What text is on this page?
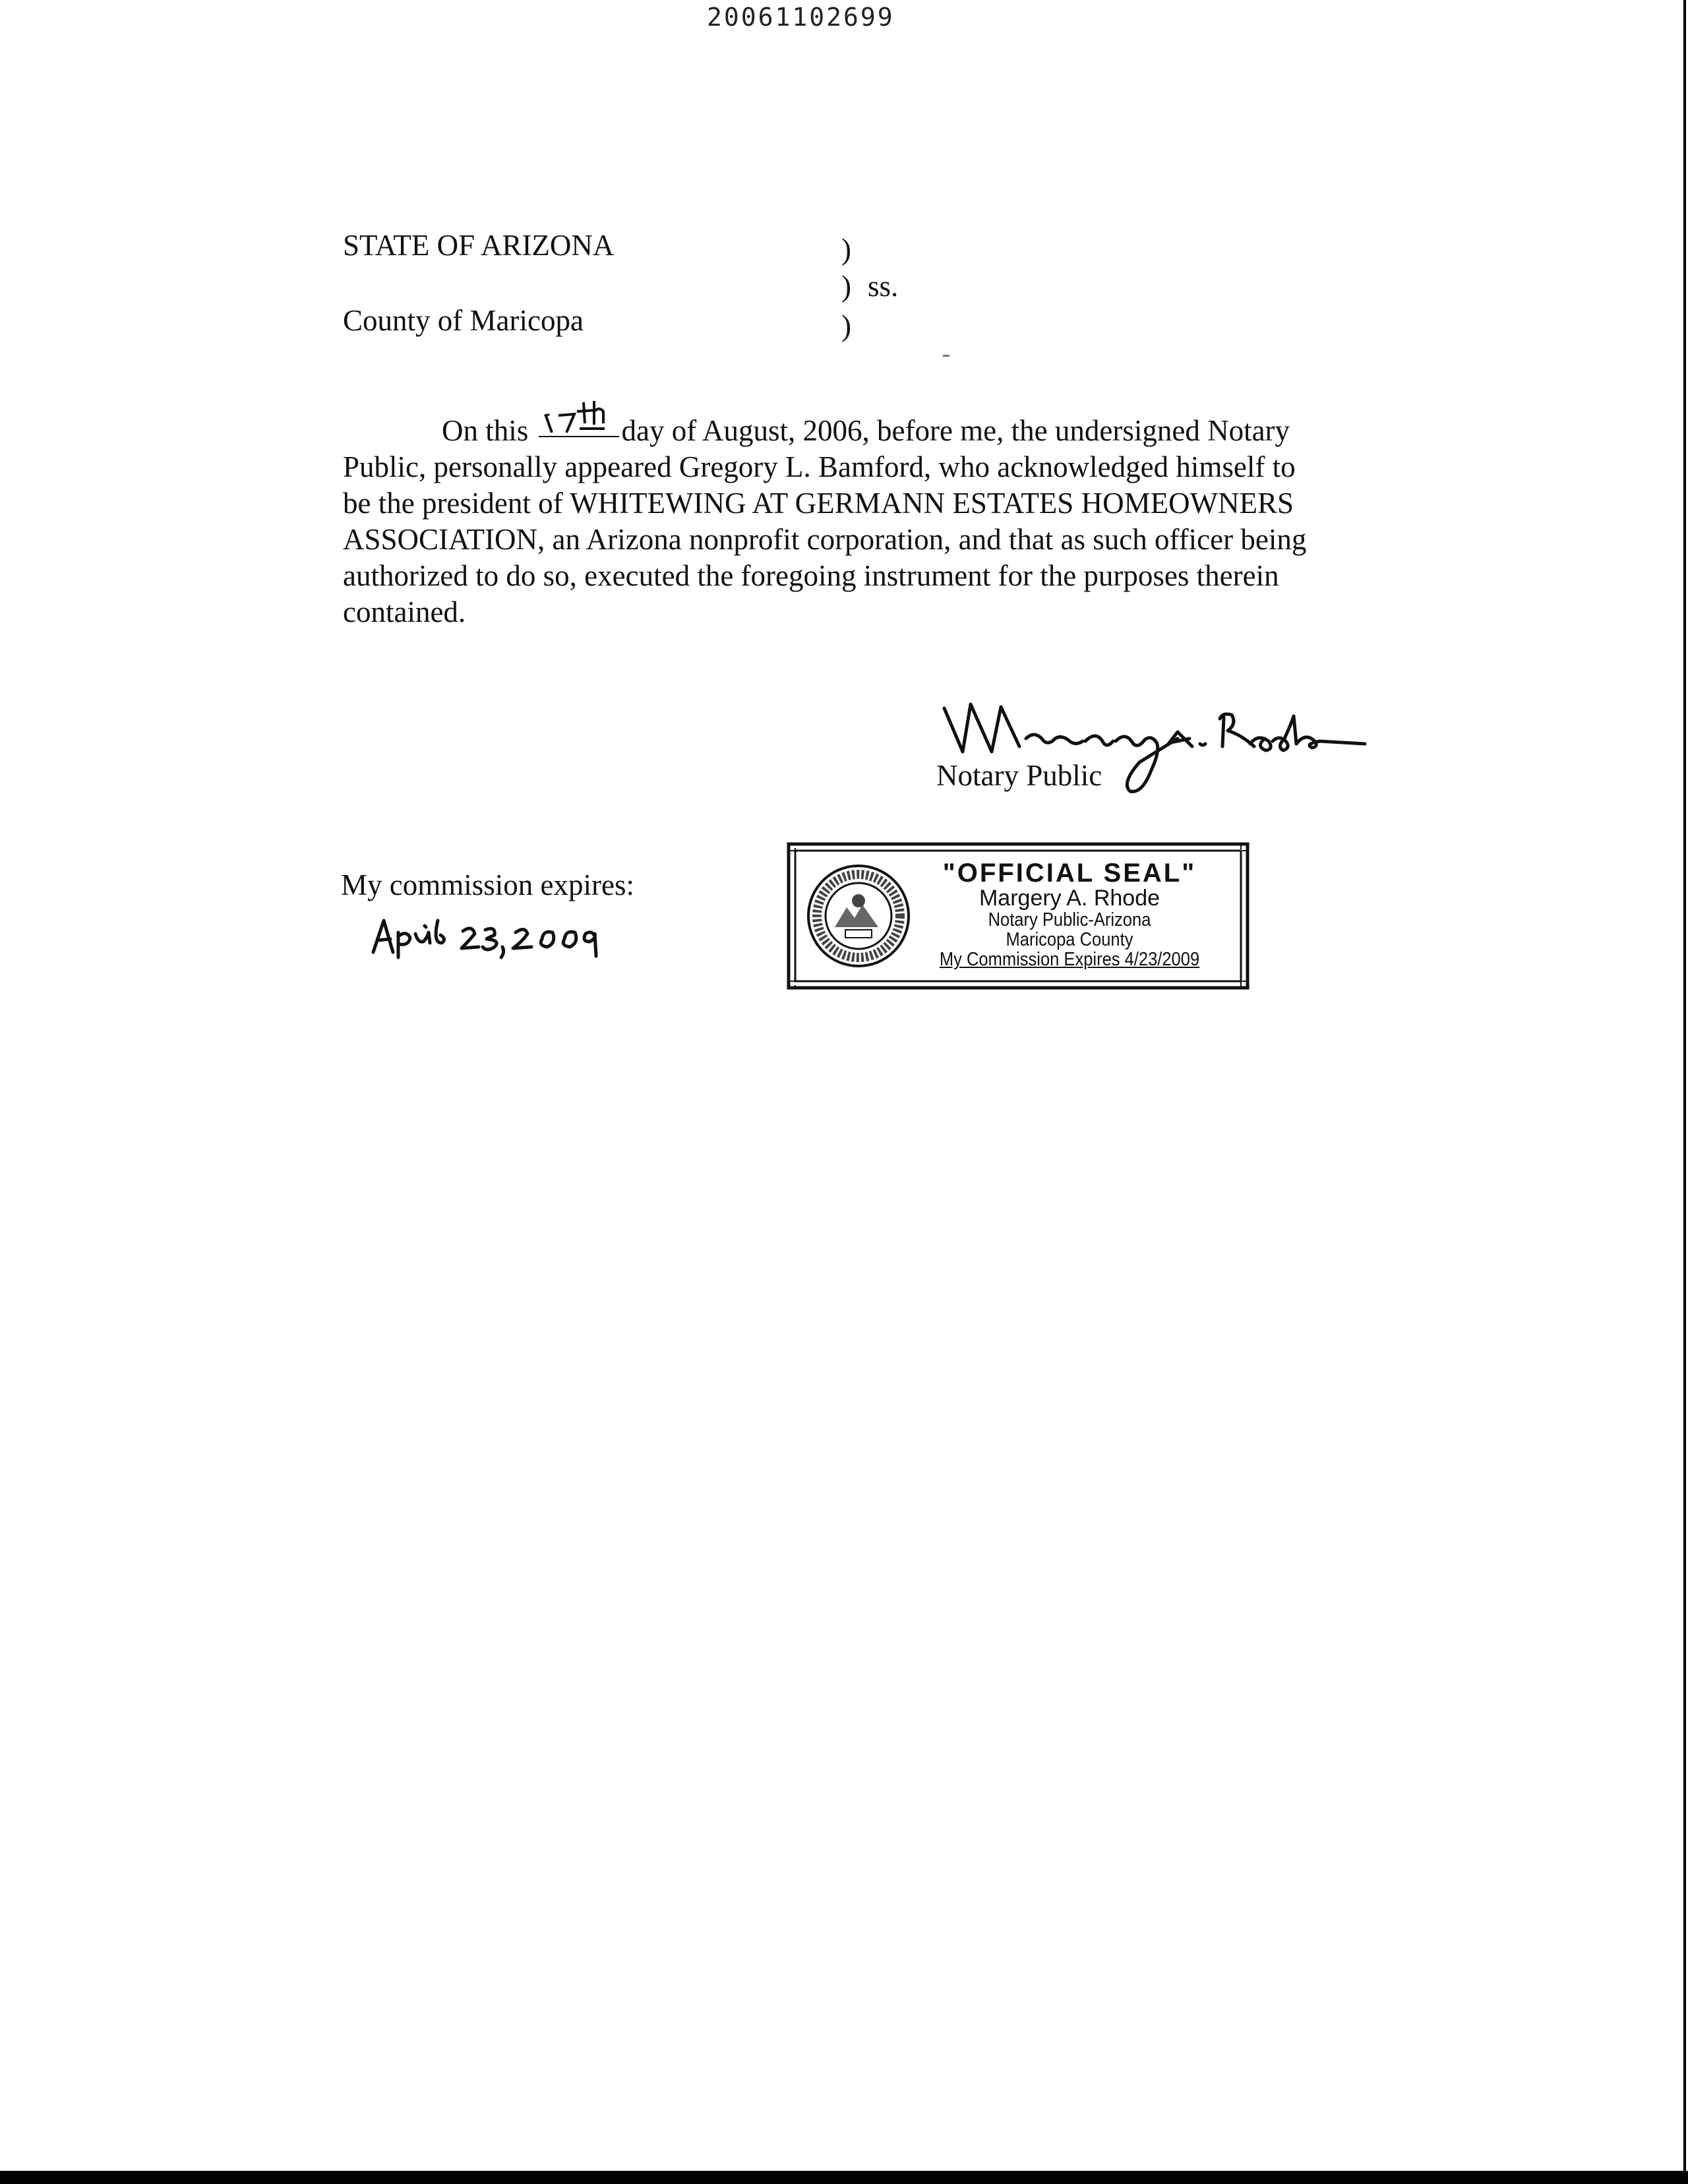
20061102699
STATE OF ARIZONA
County of Maricopa
)
)
)
ss.
On this	day of August, 2006, before me, the undersigned Notary
Public, personally appeared Gregory L. Bamford, who acknowledged himself to
be the president of WHITEWING AT GERMANN ESTATES HOMEOWNERS
ASSOCIATION, an Arizona nonprofit corporation, and that as such officer being
authorized to do so, executed the foregoing instrument for the purposes therein
contained.
Notary Public
My commission expires:	"OFFICIAL SEAL"
Margery A. Rhode
Notary Public-Arizona
Maricopa County
My Commission Expires 4/23/2009
